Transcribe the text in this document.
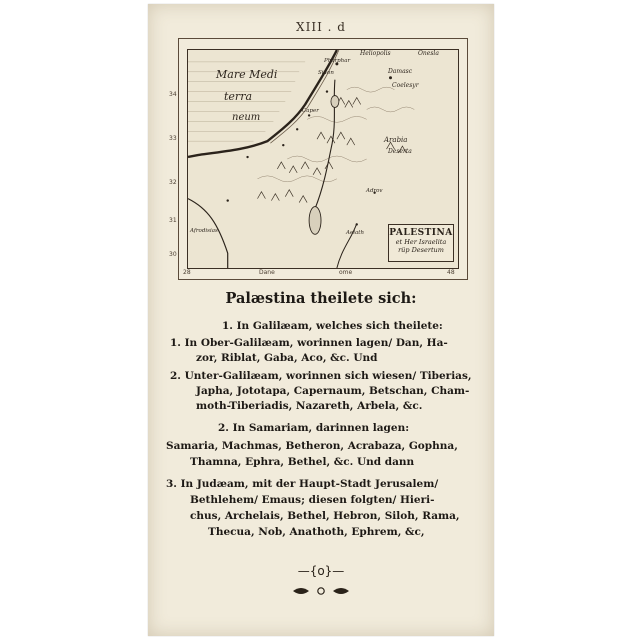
XIII . d
34
33
32
31
30
28	Dane	ome	48
Mare Medi
terra
neum
Heliopolis	Onesla
Pharphar
Sidon	Damasc
Coelesyr
Caper
Arabia
Deserta
Adrov
Afrodisias	Aelath	PALESTINA
et Her Israelita
rüp Desertum
Palæstina theilete sich:
1. In Galilæam, welches sich theilete:
1. In Ober-Galilæam, worinnen lagen/ Dan, Ha-
zor, Riblat, Gaba, Aco, &c. Und
2. Unter-Galilæam, worinnen sich wiesen/ Tiberias,
Japha, Jototapa, Capernaum, Betschan, Cham-
moth-Tiberiadis, Nazareth, Arbela, &c.
2. In Samariam, darinnen lagen:
Samaria, Machmas, Betheron, Acrabaza, Gophna,
Thamna, Ephra, Bethel, &c. Und dann
3. In Judæam, mit der Haupt-Stadt Jerusalem/
Bethlehem/ Emaus; diesen folgten/ Hieri-
chus, Archelais, Bethel, Hebron, Siloh, Rama,
Thecua, Nob, Anathoth, Ephrem, &c,
—{o}—
